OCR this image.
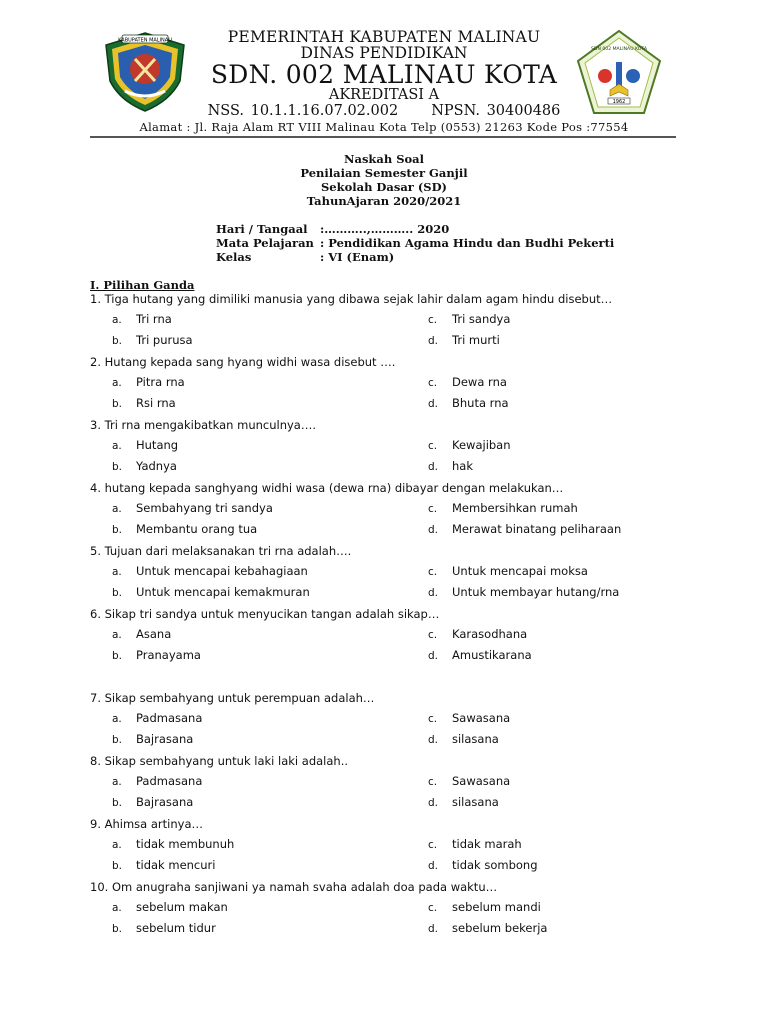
KABUPATEN MALINAU
1962
SDN 002 MALINAU KOTA
PEMERINTAH KABUPATEN MALINAU
DINAS PENDIDIKAN
SDN. 002 MALINAU KOTA
AKREDITASI A
NSS. 10.1.1.16.07.02.002     NPSN. 30400486
Alamat : Jl. Raja Alam RT VIII Malinau Kota Telp (0553) 21263 Kode Pos :77554
Naskah Soal
Penilaian Semester Ganjil
Sekolah Dasar (SD)
TahunAjaran 2020/2021
Hari / Tangaal :………..,……….. 2020
Mata Pelajaran : Pendidikan Agama Hindu dan Budhi Pekerti
Kelas	: VI (Enam)
I. Pilihan Ganda
1. Tiga hutang yang dimiliki manusia yang dibawa sejak lahir dalam agam hindu disebut…
a. Tri rna	c. Tri sandya
b. Tri purusa	d. Tri murti
2. Hutang kepada sang hyang widhi wasa disebut ….
a. Pitra rna	c. Dewa rna
b. Rsi rna	d. Bhuta rna
3. Tri rna mengakibatkan munculnya….
a. Hutang	c. Kewajiban
b. Yadnya	d. hak
4. hutang kepada sanghyang widhi wasa (dewa rna) dibayar dengan melakukan…
a. Sembahyang tri sandya	c. Membersihkan rumah
b. Membantu orang tua	d. Merawat binatang peliharaan
5. Tujuan dari melaksanakan tri rna adalah….
a. Untuk mencapai kebahagiaan	c. Untuk mencapai moksa
b. Untuk mencapai kemakmuran	d. Untuk membayar hutang/rna
6. Sikap tri sandya untuk menyucikan tangan adalah sikap…
a. Asana	c. Karasodhana
b. Pranayama	d. Amustikarana
7. Sikap sembahyang untuk perempuan adalah…
a. Padmasana	c. Sawasana
b. Bajrasana	d. silasana
8. Sikap sembahyang untuk laki laki adalah..
a. Padmasana	c. Sawasana
b. Bajrasana	d. silasana
9. Ahimsa artinya…
a. tidak membunuh	c. tidak marah
b. tidak mencuri	d. tidak sombong
10. Om anugraha sanjiwani ya namah svaha adalah doa pada waktu…
a. sebelum makan	c. sebelum mandi
b. sebelum tidur	d. sebelum bekerja
